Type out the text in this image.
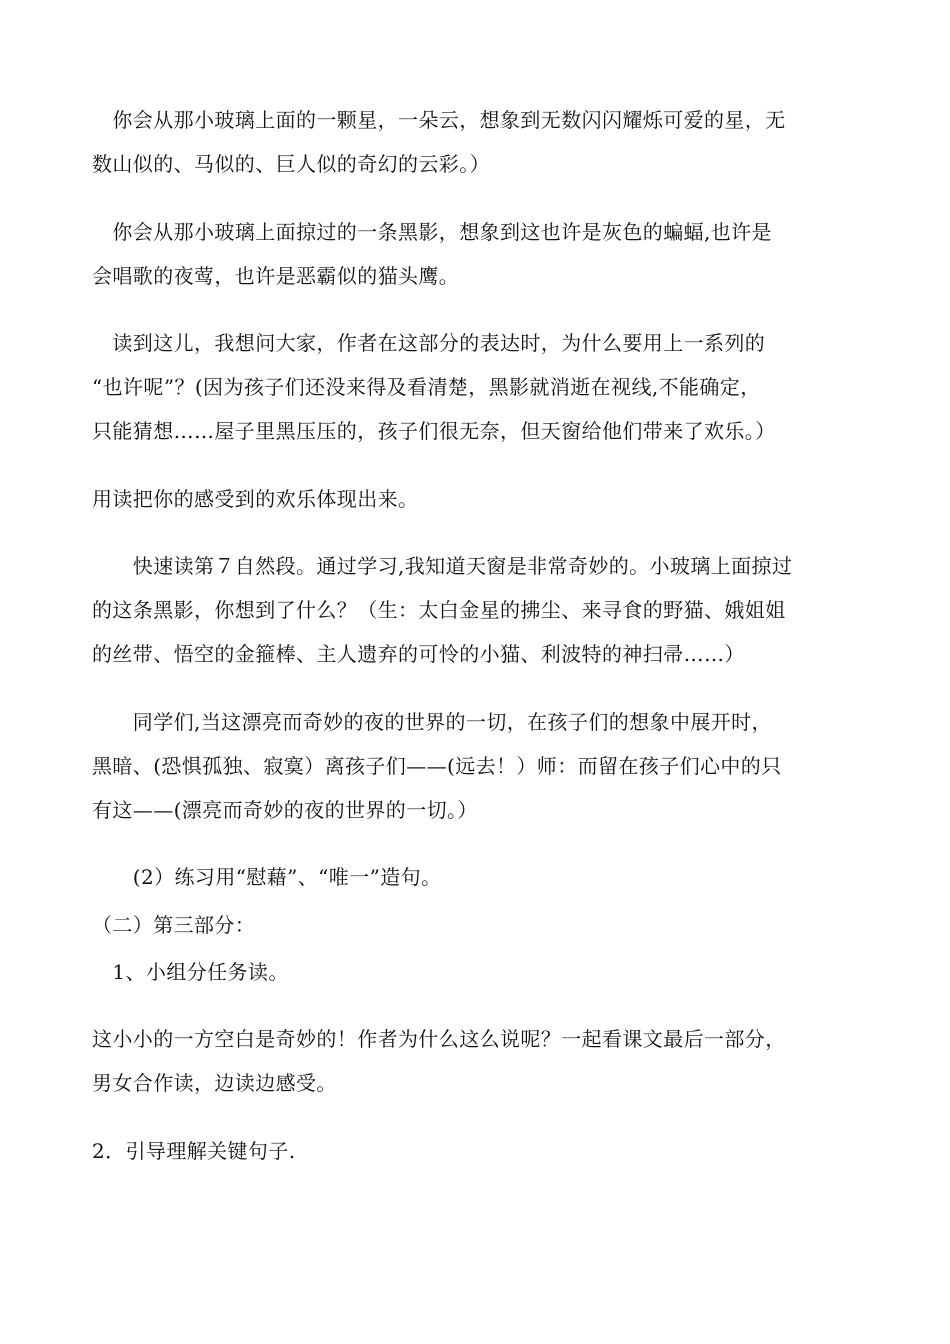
　你会从那小玻璃上面的一颗星，一朵云，想象到无数闪闪耀烁可爱的星，无
数山似的、马似的、巨人似的奇幻的云彩。）
　你会从那小玻璃上面掠过的一条黑影，想象到这也许是灰色的蝙蝠,也许是
会唱歌的夜莺，也许是恶霸似的猫头鹰。
　读到这儿，我想问大家，作者在这部分的表达时，为什么要用上一系列的
“也许呢”？(因为孩子们还没来得及看清楚，黑影就消逝在视线,不能确定，
只能猜想……屋子里黑压压的，孩子们很无奈，但天窗给他们带来了欢乐。）
用读把你的感受到的欢乐体现出来。
　　快速读第７自然段。通过学习,我知道天窗是非常奇妙的。小玻璃上面掠过
的这条黑影，你想到了什么？（生：太白金星的拂尘、来寻食的野猫、娥姐姐
的丝带、悟空的金箍棒、主人遗弃的可怜的小猫、利波特的神扫帚……）
　　同学们,当这漂亮而奇妙的夜的世界的一切，在孩子们的想象中展开时，
黑暗、(恐惧孤独、寂寞）离孩子们——(远去！）师：而留在孩子们心中的只
有这——(漂亮而奇妙的夜的世界的一切。）
　　(2）练习用“慰藉”、“唯一”造句。
（二）第三部分：
　1、小组分任务读。
这小小的一方空白是奇妙的！作者为什么这么说呢？一起看课文最后一部分，
男女合作读，边读边感受。
2．引导理解关键句子.
